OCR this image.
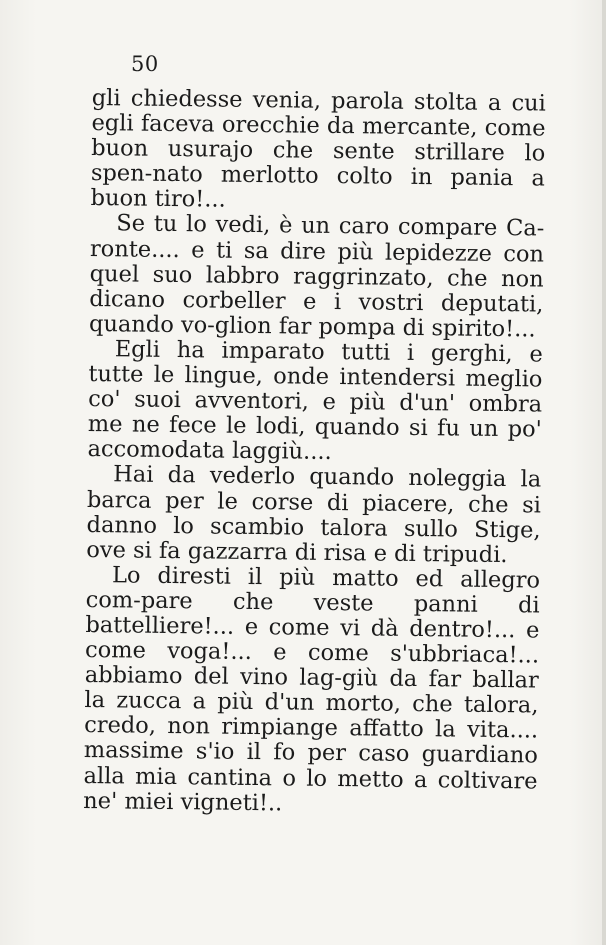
50

gli chiedesse venia, parola stolta a cui egli faceva orecchie da mercante, come buon usurajo che sente strillare lo spen-nato merlotto colto in pania a buon tiro!...

Se tu lo vedi, è un caro compare Ca-ronte.... e ti sa dire più lepidezze con quel suo labbro raggrinzato, che non dicano corbeller e i vostri deputati, quando vo-glion far pompa di spirito!...

Egli ha imparato tutti i gerghi, e tutte le lingue, onde intendersi meglio co' suoi avventori, e più d'un' ombra me ne fece le lodi, quando si fu un po' accomodata laggiù....

Hai da vederlo quando noleggia la barca per le corse di piacere, che si danno lo scambio talora sullo Stige, ove si fa gazzarra di risa e di tripudi.

Lo diresti il più matto ed allegro com-pare che veste panni di battelliere!... e come vi dà dentro!... e come voga!... e come s'ubbriaca!... abbiamo del vino lag-giù da far ballar la zucca a più d'un morto, che talora, credo, non rimpiange affatto la vita.... massime s'io il fo per caso guardiano alla mia cantina o lo metto a coltivare ne' miei vigneti!..
